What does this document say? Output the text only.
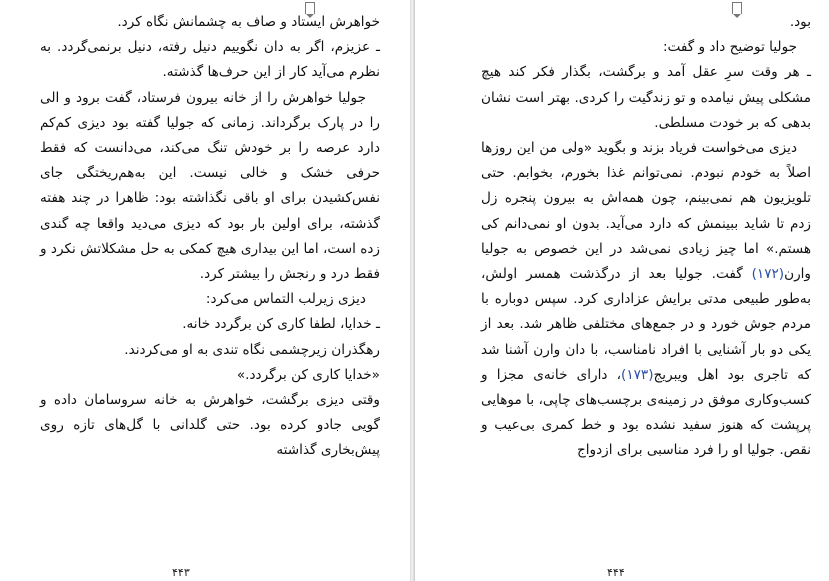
خواهرش ایستاد و صاف به چشمانش نگاه کرد.

ـ عزیزم، اگر به دان نگوییم دنیل رفته، دنیل برنمی‌گردد. به نظرم می‌آید کار از این حرف‌ها گذشته.

جولیا خواهرش را از خانه بیرون فرستاد، گفت برود و الی را در پارک برگرداند. زمانی که جولیا گفته بود دیزی کم‌کم دارد عرصه را بر خودش تنگ می‌کند، می‌دانست که فقط حرفی خشک و خالی نیست. این به‌هم‌ریختگی جای نفس‌کشیدن برای او باقی نگذاشته بود: ظاهرا در چند هفته گذشته، برای اولین بار بود که دیزی می‌دید واقعا چه گندی زده است، اما این بیداری هیچ کمکی به حل مشکلاتش نکرد و فقط درد و رنجش را بیشتر کرد.

دیزی زیرلب التماس می‌کرد:

ـ خدایا، لطفا کاری کن برگردد خانه.

رهگذران زیرچشمی نگاه تندی به او می‌کردند.

«خدایا کاری کن برگردد.»

وقتی دیزی برگشت، خواهرش به خانه سروسامان داده و گویی جادو کرده بود. حتی گلدانی با گل‌های تازه روی پیش‌بخاری گذاشته

۴۴۳

بود.

جولیا توضیح داد و گفت:

ـ هر وقت سرِ عقل آمد و برگشت، بگذار فکر کند هیچ مشکلی پیش نیامده و تو زندگیت را کردی. بهتر است نشان بدهی که بر خودت مسلطی.

دیزی می‌خواست فریاد بزند و بگوید «ولی من این روزها اصلاً به خودم نبودم. نمی‌توانم غذا بخورم، بخوابم. حتی تلویزیون هم نمی‌بینم، چون همه‌اش به بیرون پنجره زل زدم تا شاید ببینمش که دارد می‌آید. بدون او نمی‌دانم کی هستم.» اما چیز زیادی نمی‌شد در این خصوص به جولیا وارن(۱۷۲) گفت. جولیا بعد از درگذشت همسر اولش، به‌طور طبیعی مدتی برایش عزاداری کرد. سپس دوباره با مردم جوش خورد و در جمع‌های مختلفی ظاهر شد. بعد از یکی دو بار آشنایی با افراد نامناسب، با دان وارن آشنا شد که تاجری بود اهل ویبریج(۱۷۳)، دارای خانه‌ی مجزا و کسب‌وکاری موفق در زمینه‌ی برچسب‌های چاپی، با موهایی پرپشت که هنوز سفید نشده بود و خط کمری بی‌عیب و نقص. جولیا او را فرد مناسبی برای ازدواج

۴۴۴
